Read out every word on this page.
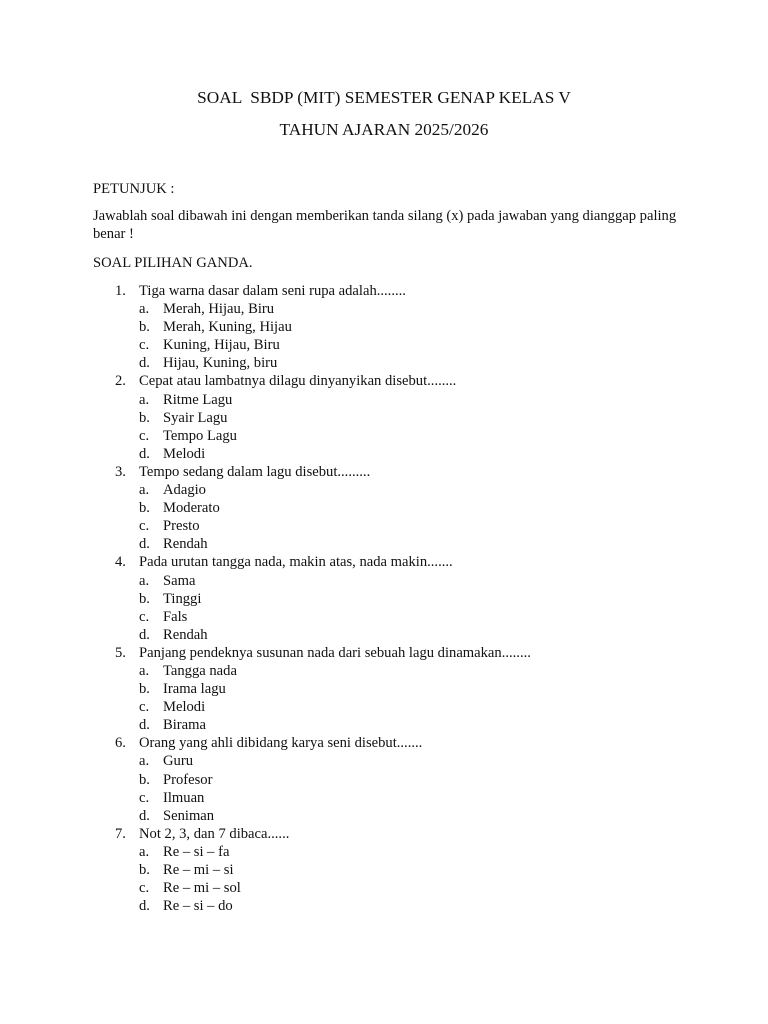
SOAL  SBDP (MIT) SEMESTER GENAP KELAS V
TAHUN AJARAN 2025/2026
PETUNJUK :
Jawablah soal dibawah ini dengan memberikan tanda silang (x) pada jawaban yang dianggap paling benar !
SOAL PILIHAN GANDA.
1. Tiga warna dasar dalam seni rupa adalah........
a. Merah, Hijau, Biru
b. Merah, Kuning, Hijau
c. Kuning, Hijau, Biru
d. Hijau, Kuning, biru
2. Cepat atau lambatnya dilagu dinyanyikan disebut........
a. Ritme Lagu
b. Syair Lagu
c. Tempo Lagu
d. Melodi
3. Tempo sedang dalam lagu disebut.........
a. Adagio
b. Moderato
c. Presto
d. Rendah
4. Pada urutan tangga nada, makin atas, nada makin.......
a. Sama
b. Tinggi
c. Fals
d. Rendah
5. Panjang pendeknya susunan nada dari sebuah lagu dinamakan........
a. Tangga nada
b. Irama lagu
c. Melodi
d. Birama
6. Orang yang ahli dibidang karya seni disebut.......
a. Guru
b. Profesor
c. Ilmuan
d. Seniman
7. Not 2, 3, dan 7 dibaca......
a. Re – si – fa
b. Re – mi – si
c. Re – mi – sol
d. Re – si – do
